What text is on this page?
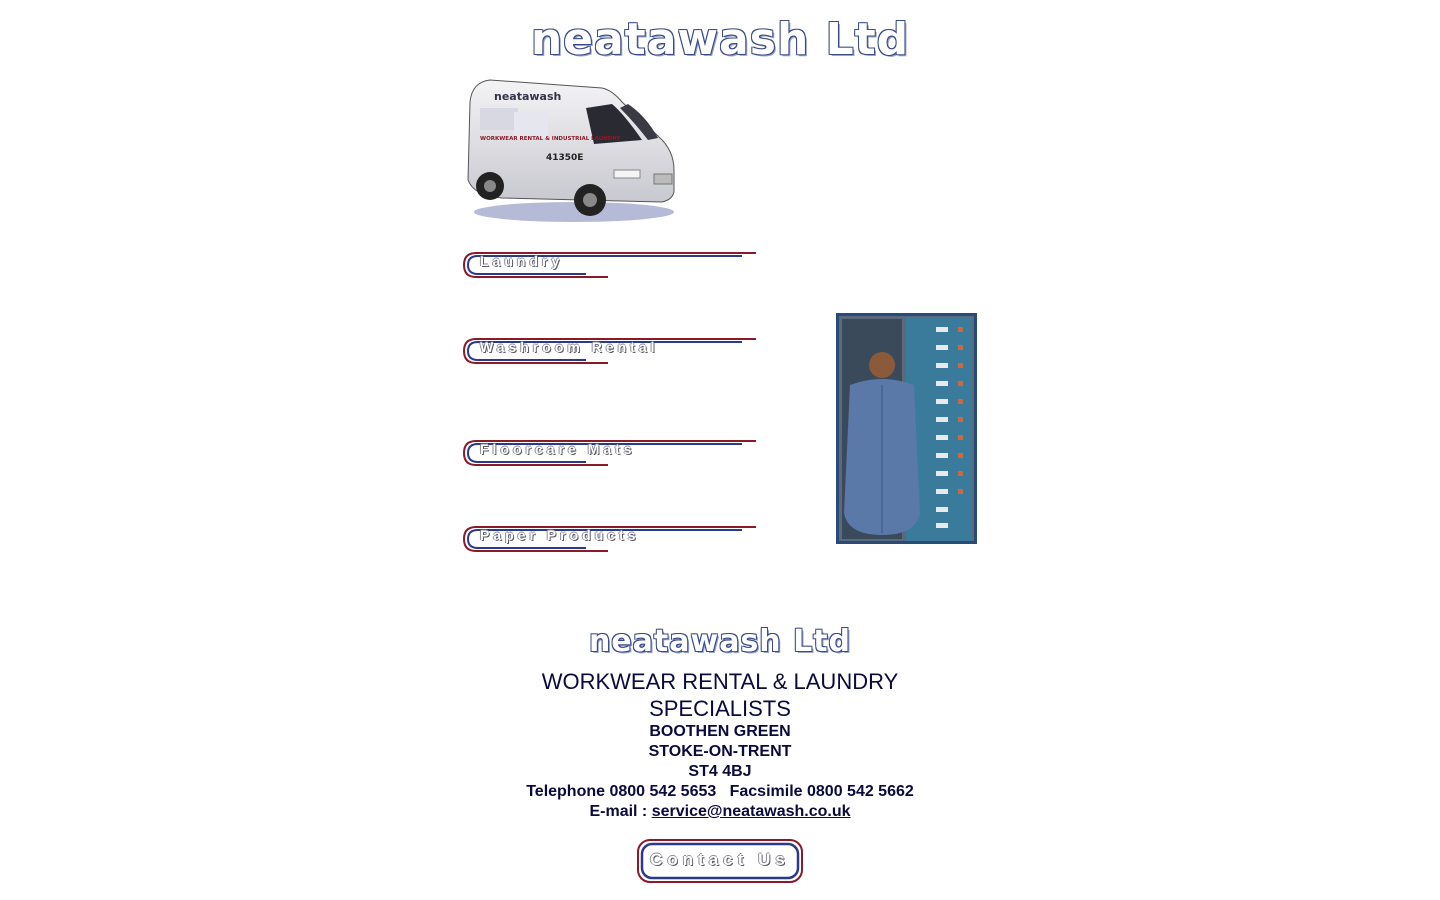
neatawash Ltd
neatawash
WORKWEAR RENTAL & INDUSTRIAL LAUNDRY
41350E
Laundry
Washroom Rental
Floorcare Mats
Paper Products
neatawash Ltd
WORKWEAR RENTAL & LAUNDRY
SPECIALISTS
BOOTHEN GREEN
STOKE-ON-TRENT
ST4 4BJ
Telephone 0800 542 5653 Facsimile 0800 542 5662
E-mail : service@neatawash.co.uk
Contact Us
